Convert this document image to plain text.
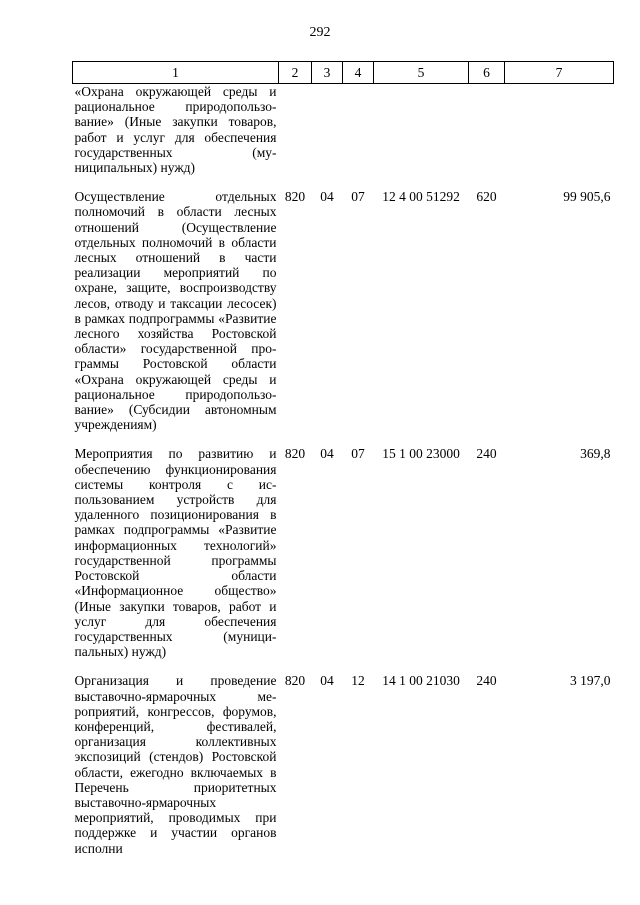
292
1	2	3	4	5	6	7
«Охрана окружающей среды и рациональное природопользование» (Иные закупки товаров, работ и услуг для обеспечения государственных (муниципальных) нужд)						
Осуществление отдельных полномочий в области лесных отношений (Осуществление отдельных полномочий в области лесных отношений в части реализации мероприятий по охране, защите, воспроизводству лесов, отводу и таксации лесосек) в рамках подпрограммы «Развитие лесного хозяйства Ростовской области» государственной программы Ростовской области «Охрана окружающей среды и рациональное природопользование» (Субсидии автономным учреждениям)	820	04	07	12 4 00 51292	620	99 905,6
Мероприятия по развитию и обеспечению функционирования системы контроля с использованием устройств для удаленного позиционирования в рамках подпрограммы «Развитие информационных технологий» государственной программы Ростовской области «Информационное общество» (Иные закупки товаров, работ и услуг для обеспечения государственных (муниципальных) нужд)	820	04	07	15 1 00 23000	240	369,8
Организация и проведение выставочно-ярмарочных мероприятий, конгрессов, форумов, конференций, фестивалей, организация коллективных экспозиций (стендов) Ростовской области, ежегодно включаемых в Перечень приоритетных выставочно-ярмарочных мероприятий, проводимых при поддержке и участии органов исполни	820	04	12	14 1 00 21030	240	3 197,0
